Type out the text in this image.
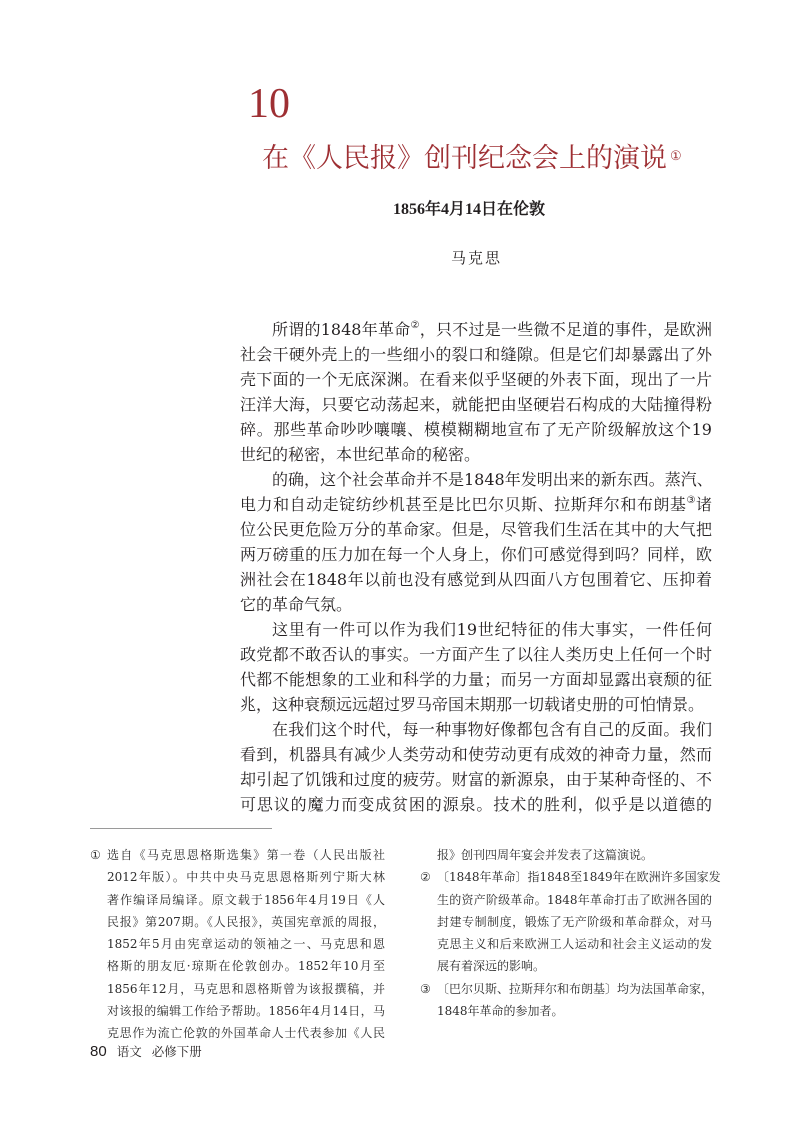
10
在《人民报》创刊纪念会上的演说 ①
1856年4月14日在伦敦
马克思
所谓的1848年革命②，只不过是一些微不足道的事件，是欧洲
社会干硬外壳上的一些细小的裂口和缝隙。但是它们却暴露出了外
壳下面的一个无底深渊。在看来似乎坚硬的外表下面，现出了一片
汪洋大海，只要它动荡起来，就能把由坚硬岩石构成的大陆撞得粉
碎。那些革命吵吵嚷嚷、模模糊糊地宣布了无产阶级解放这个19
世纪的秘密，本世纪革命的秘密。
的确，这个社会革命并不是1848年发明出来的新东西。蒸汽、
电力和自动走锭纺纱机甚至是比巴尔贝斯、拉斯拜尔和布朗基③诸
位公民更危险万分的革命家。但是，尽管我们生活在其中的大气把
两万磅重的压力加在每一个人身上，你们可感觉得到吗？同样，欧
洲社会在1848年以前也没有感觉到从四面八方包围着它、压抑着
它的革命气氛。
这里有一件可以作为我们19世纪特征的伟大事实，一件任何
政党都不敢否认的事实。一方面产生了以往人类历史上任何一个时
代都不能想象的工业和科学的力量；而另一方面却显露出衰颓的征
兆，这种衰颓远远超过罗马帝国末期那一切载诸史册的可怕情景。
在我们这个时代，每一种事物好像都包含有自己的反面。我们
看到，机器具有减少人类劳动和使劳动更有成效的神奇力量，然而
却引起了饥饿和过度的疲劳。财富的新源泉，由于某种奇怪的、不
可思议的魔力而变成贫困的源泉。技术的胜利，似乎是以道德的
① 选自《马克思恩格斯选集》第一卷（人民出版社
2012年版）。中共中央马克思恩格斯列宁斯大林
著作编译局编译。原文载于1856年4月19日《人
民报》第207期。《人民报》，英国宪章派的周报，
1852年5月由宪章运动的领袖之一、马克思和恩
格斯的朋友厄·琼斯在伦敦创办。1852年10月至
1856年12月，马克思和恩格斯曾为该报撰稿，并
对该报的编辑工作给予帮助。1856年4月14日，马
克思作为流亡伦敦的外国革命人士代表参加《人民
报》创刊四周年宴会并发表了这篇演说。
② 〔1848年革命〕指1848至1849年在欧洲许多国家发
生的资产阶级革命。1848年革命打击了欧洲各国的
封建专制制度，锻炼了无产阶级和革命群众，对马
克思主义和后来欧洲工人运动和社会主义运动的发
展有着深远的影响。
③ 〔巴尔贝斯、拉斯拜尔和布朗基〕均为法国革命家，
1848年革命的参加者。
80 语文 必修下册
